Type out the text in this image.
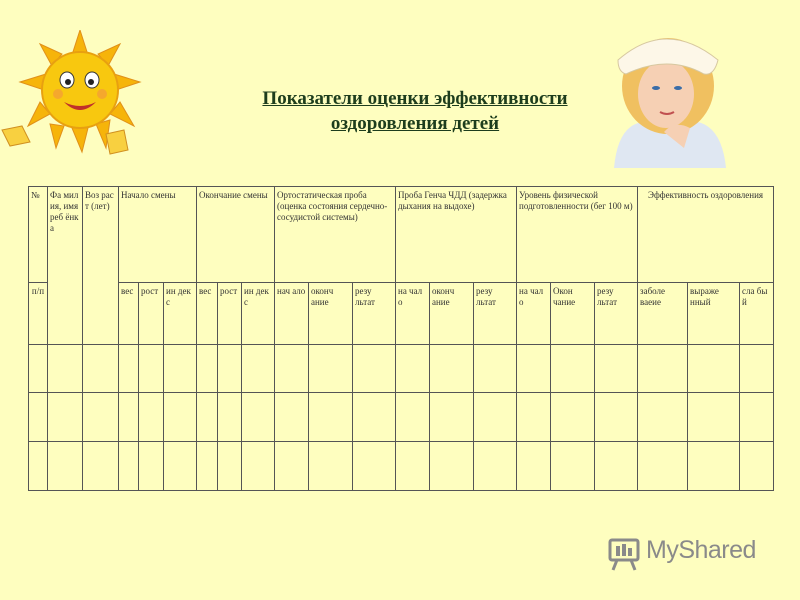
Показатели оценки эффективности
оздоровления детей
№	Фа мил ия, имя реб ёнк а	Воз рас т (лет)	Начало смены			Окончание смены			Ортостатическая проба (оценка состояния сердечно-сосудистой системы)			Проба Генча ЧДД (задержка дыхания на выдохе)			Уровень физической подготовленности (бег 100 м)			Эффективность оздоровления		
п/п			вес	рост	ин дек с	вес	рост	ин дек с	нач ало	оконч ание	резу льтат	на чал о	оконч ание	резу льтат	на чал о	Окон чание	резу льтат	заболе ваеие	выраже нный	сла бы й

MyShared
